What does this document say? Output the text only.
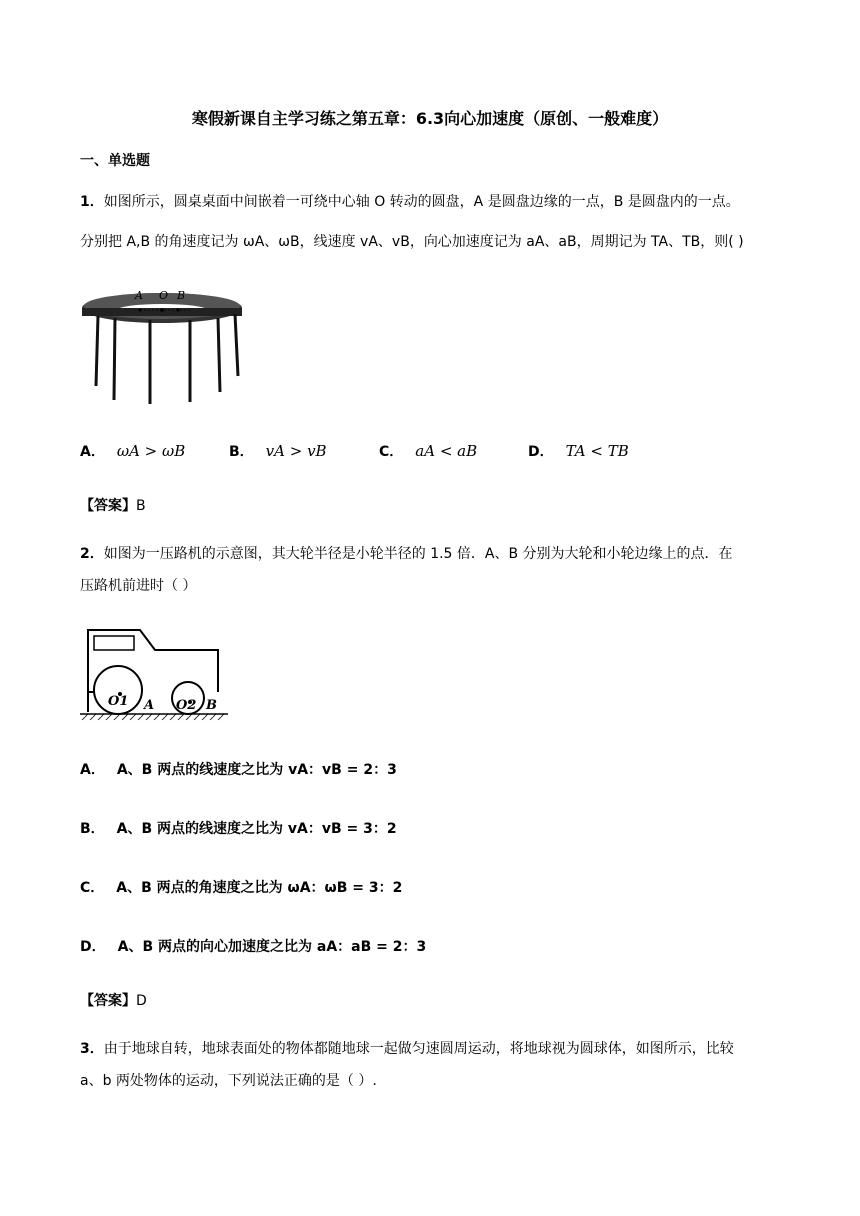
寒假新课自主学习练之第五章：6.3向心加速度（原创、一般难度）
一、单选题
1．如图所示，圆桌桌面中间嵌着一可绕中心轴 O 转动的圆盘，A 是圆盘边缘的一点，B 是圆盘内的一点。
分别把 A,B 的角速度记为 ωA、ωB，线速度 vA、vB，向心加速度记为 aA、aB，周期记为 TA、TB，则( )
A O B
A． ωA > ωB	B． vA > vB	C． aA < aB	D． TA < TB
【答案】B
2．如图为一压路机的示意图，其大轮半径是小轮半径的 1.5 倍．A、B 分别为大轮和小轮边缘上的点．在
压路机前进时（ ）
O1 A O2 B
A． A、B 两点的线速度之比为 vA：vB = 2：3
B． A、B 两点的线速度之比为 vA：vB = 3：2
C． A、B 两点的角速度之比为 ωA：ωB = 3：2
D． A、B 两点的向心加速度之比为 aA：aB = 2：3
【答案】D
3．由于地球自转，地球表面处的物体都随地球一起做匀速圆周运动，将地球视为圆球体，如图所示，比较
a、b 两处物体的运动，下列说法正确的是（ ）.
